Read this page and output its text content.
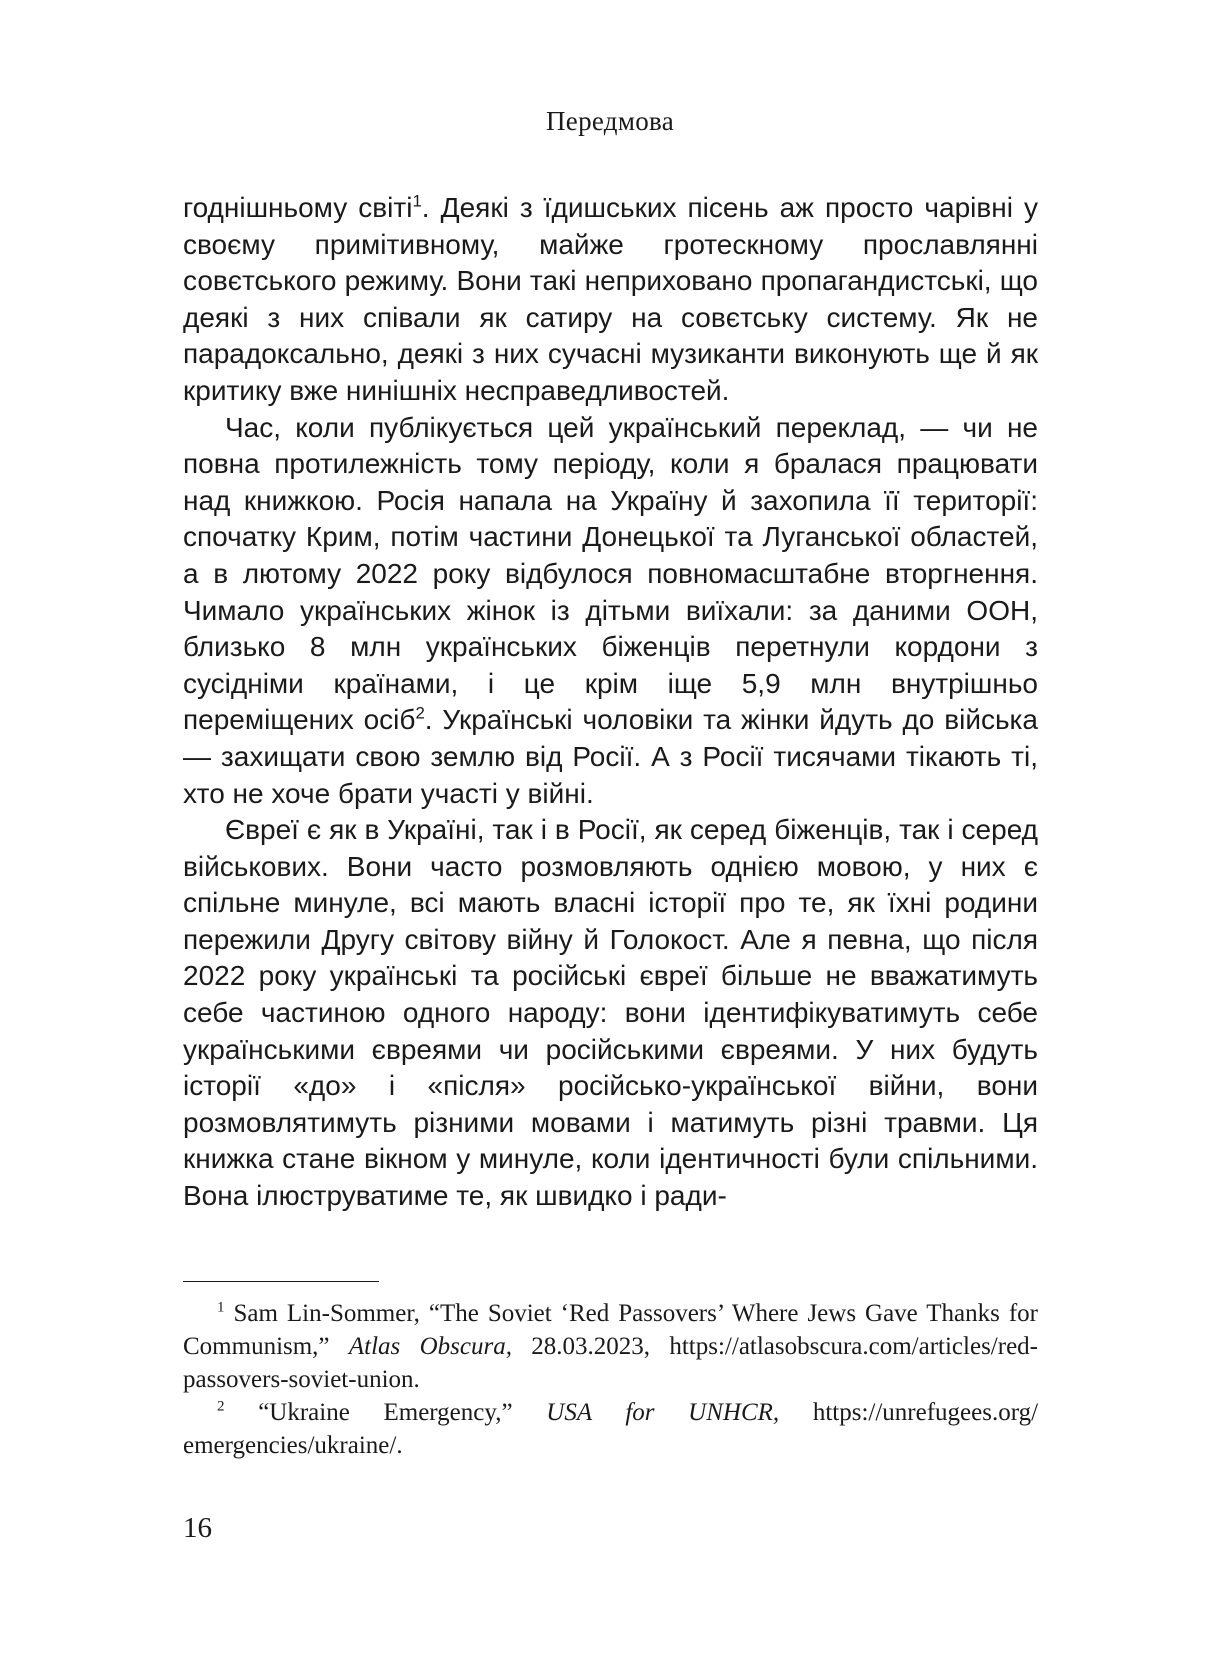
Передмова

годнішньому світі$^1$. Деякі з їдишських пісень аж просто чарівні у своєму примітивному, майже гротескному прославлянні совєтського режиму. Вони такі неприховано пропагандистські, що деякі з них співали як сатиру на совєтську систему. Як не парадоксально, деякі з них сучасні музиканти виконують ще й як критику вже нинішніх несправедливостей.

Час, коли публікується цей український переклад, — чи не повна протилежність тому періоду, коли я бралася працювати над книжкою. Росія напала на Україну й захопила її території: спочатку Крим, потім частини Донецької та Луганської областей, а в лютому 2022 року відбулося повномасштабне вторгнення. Чимало українських жінок із дітьми виїхали: за даними ООН, близько 8 млн українських біженців перетнули кордони з сусідніми країнами, і це крім іще 5,9 млн внутрішньо переміщених осіб$^2$. Українські чоловіки та жінки йдуть до війська — захищати свою землю від Росії. А з Росії тисячами тікають ті, хто не хоче брати участі у війні.

Євреї є як в Україні, так і в Росії, як серед біженців, так і серед військових. Вони часто розмовляють однією мовою, у них є спільне минуле, всі мають власні історії про те, як їхні родини пережили Другу світову війну й Голокост. Але я певна, що після 2022 року українські та російські євреї більше не вважатимуть себе частиною одного народу: вони ідентифікуватимуть себе українськими євреями чи російськими євреями. У них будуть історії «до» і «після» російсько-української війни, вони розмовлятимуть різними мовами і матимуть різні травми. Ця книжка стане вікном у минуле, коли ідентичності були спільними. Вона ілюструватиме те, як швидко і ради-

$^1$ Sam Lin-Sommer, “The Soviet ‘Red Passovers’ Where Jews Gave Thanks for Communism,” Atlas Obscura, 28.03.2023, https://atlasobscura.​com/articles/red-passovers-soviet-union.

$^2$ “Ukraine Emergency,” USA for UNHCR, https://unrefugees.org/​emergencies/ukraine/.

16
